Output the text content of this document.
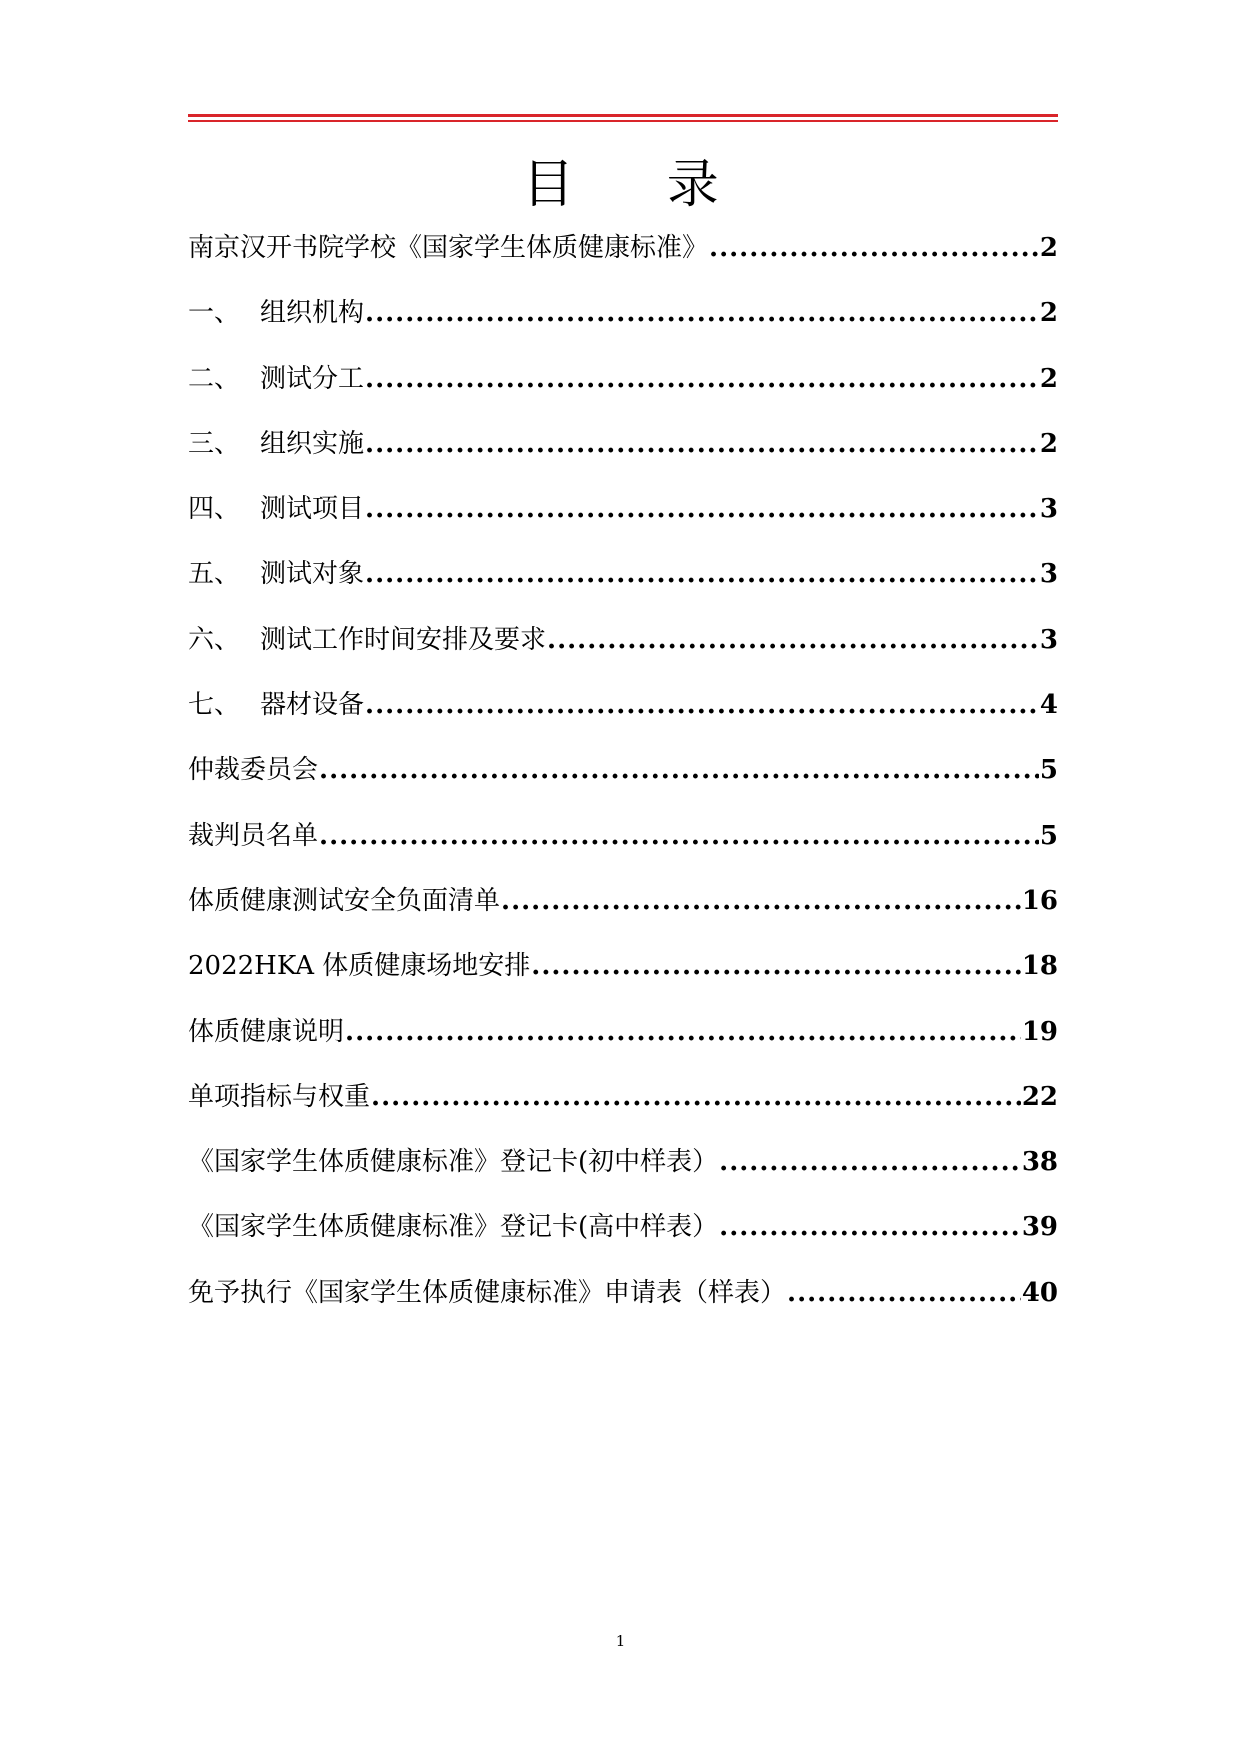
目 录
南京汉开书院学校《国家学生体质健康标准》 .....	2
一、 组织机构 .....	2
二、 测试分工 .....	2
三、 组织实施 .....	2
四、 测试项目 .....	3
五、 测试对象 .....	3
六、 测试工作时间安排及要求 .....	3
七、 器材设备 .....	4
仲裁委员会 .....	5
裁判员名单 .....	5
体质健康测试安全负面清单 .....	16
2022HKA 体质健康场地安排 .....	18
体质健康说明 .....	19
单项指标与权重 .....	22
《国家学生体质健康标准》登记卡(初中样表） .....	38
《国家学生体质健康标准》登记卡(高中样表） .....	39
免予执行《国家学生体质健康标准》申请表（样表） .....	40
1
